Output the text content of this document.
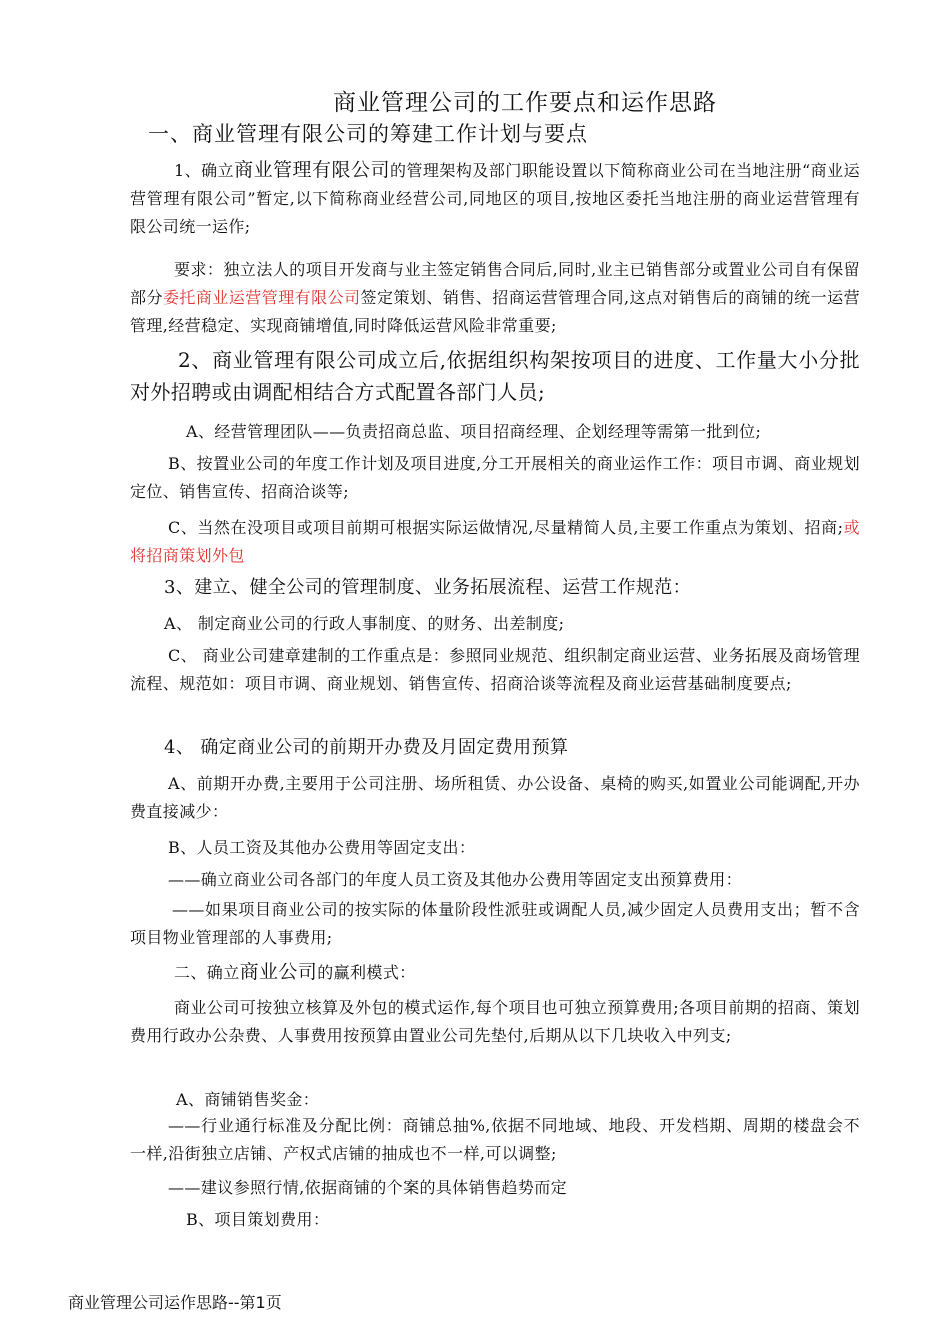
商业管理公司的工作要点和运作思路
一、商业管理有限公司的筹建工作计划与要点

1、确立商业管理有限公司的管理架构及部门职能设置以下简称商业公司在当地注册“商业运营管理有限公司”暂定,以下简称商业经营公司,同地区的项目,按地区委托当地注册的商业运营管理有限公司统一运作;

要求：独立法人的项目开发商与业主签定销售合同后,同时,业主已销售部分或置业公司自有保留部分委托商业运营管理有限公司签定策划、销售、招商运营管理合同,这点对销售后的商铺的统一运营管理,经营稳定、实现商铺增值,同时降低运营风险非常重要;

2、商业管理有限公司成立后,依据组织构架按项目的进度、工作量大小分批对外招聘或由调配相结合方式配置各部门人员;

A、经营管理团队——负责招商总监、项目招商经理、企划经理等需第一批到位;

B、按置业公司的年度工作计划及项目进度,分工开展相关的商业运作工作：项目市调、商业规划定位、销售宣传、招商洽谈等;

C、当然在没项目或项目前期可根据实际运做情况,尽量精简人员,主要工作重点为策划、招商;或将招商策划外包

3、建立、健全公司的管理制度、业务拓展流程、运营工作规范：

A、 制定商业公司的行政人事制度、的财务、出差制度;

C、 商业公司建章建制的工作重点是：参照同业规范、组织制定商业运营、业务拓展及商场管理流程、规范如：项目市调、商业规划、销售宣传、招商洽谈等流程及商业运营基础制度要点;

4、 确定商业公司的前期开办费及月固定费用预算

A、前期开办费,主要用于公司注册、场所租赁、办公设备、桌椅的购买,如置业公司能调配,开办费直接减少：

B、人员工资及其他办公费用等固定支出：

——确立商业公司各部门的年度人员工资及其他办公费用等固定支出预算费用：

——如果项目商业公司的按实际的体量阶段性派驻或调配人员,减少固定人员费用支出；暂不含项目物业管理部的人事费用;

二、确立商业公司的赢利模式：

商业公司可按独立核算及外包的模式运作,每个项目也可独立预算费用;各项目前期的招商、策划费用行政办公杂费、人事费用按预算由置业公司先垫付,后期从以下几块收入中列支;

A、商铺销售奖金：

——行业通行标准及分配比例：商铺总抽%,依据不同地域、地段、开发档期、周期的楼盘会不一样,沿街独立店铺、产权式店铺的抽成也不一样,可以调整;

——建议参照行情,依据商铺的个案的具体销售趋势而定

B、项目策划费用：

商业管理公司运作思路--第1页
